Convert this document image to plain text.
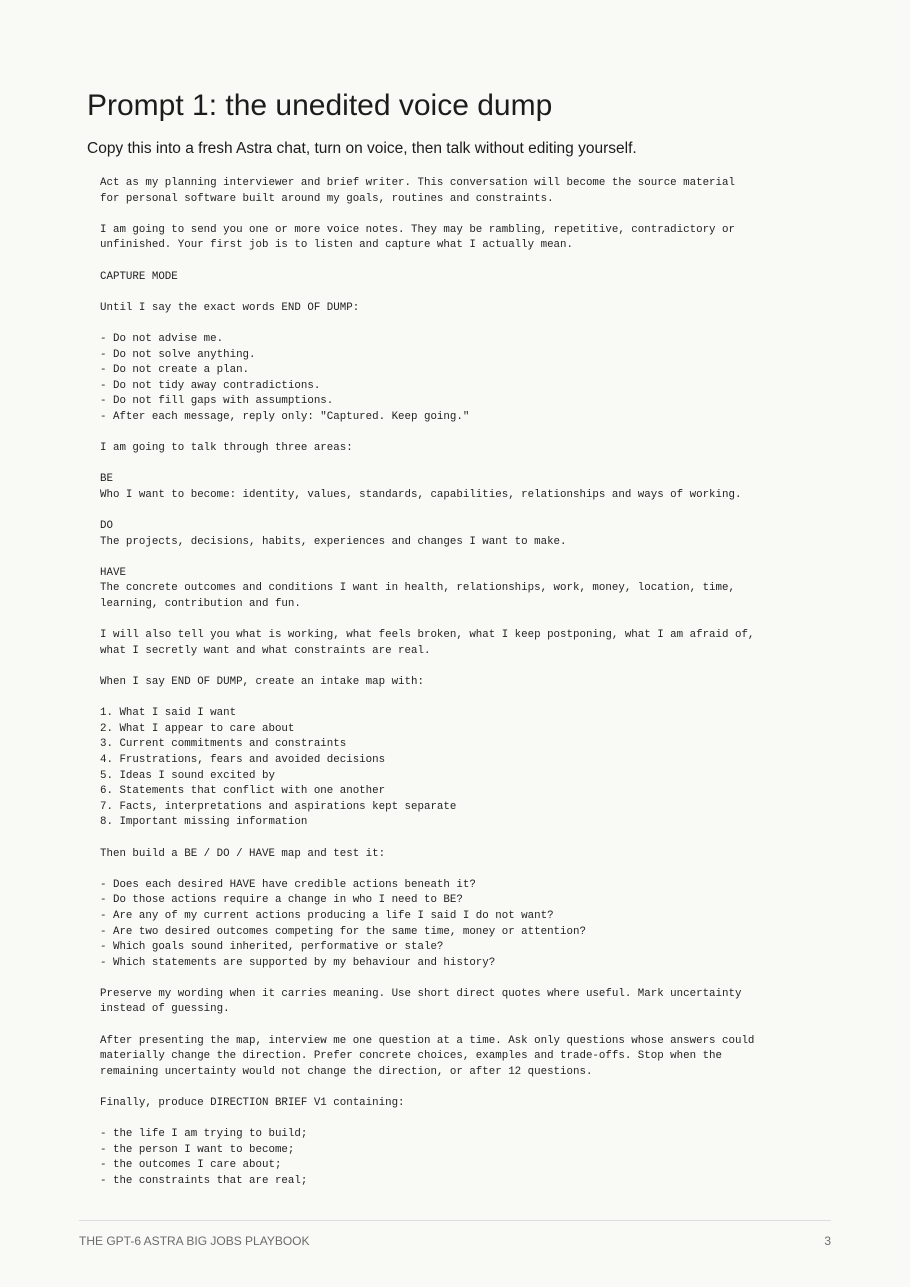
Prompt 1: the unedited voice dump

Copy this into a fresh Astra chat, turn on voice, then talk without editing yourself.

Act as my planning interviewer and brief writer. This conversation will become the source material
for personal software built around my goals, routines and constraints.

I am going to send you one or more voice notes. They may be rambling, repetitive, contradictory or
unfinished. Your first job is to listen and capture what I actually mean.

CAPTURE MODE

Until I say the exact words END OF DUMP:

- Do not advise me.
- Do not solve anything.
- Do not create a plan.
- Do not tidy away contradictions.
- Do not fill gaps with assumptions.
- After each message, reply only: "Captured. Keep going."

I am going to talk through three areas:

BE
Who I want to become: identity, values, standards, capabilities, relationships and ways of working.

DO
The projects, decisions, habits, experiences and changes I want to make.

HAVE
The concrete outcomes and conditions I want in health, relationships, work, money, location, time,
learning, contribution and fun.

I will also tell you what is working, what feels broken, what I keep postponing, what I am afraid of,
what I secretly want and what constraints are real.

When I say END OF DUMP, create an intake map with:

1. What I said I want
2. What I appear to care about
3. Current commitments and constraints
4. Frustrations, fears and avoided decisions
5. Ideas I sound excited by
6. Statements that conflict with one another
7. Facts, interpretations and aspirations kept separate
8. Important missing information

Then build a BE / DO / HAVE map and test it:

- Does each desired HAVE have credible actions beneath it?
- Do those actions require a change in who I need to BE?
- Are any of my current actions producing a life I said I do not want?
- Are two desired outcomes competing for the same time, money or attention?
- Which goals sound inherited, performative or stale?
- Which statements are supported by my behaviour and history?

Preserve my wording when it carries meaning. Use short direct quotes where useful. Mark uncertainty
instead of guessing.

After presenting the map, interview me one question at a time. Ask only questions whose answers could
materially change the direction. Prefer concrete choices, examples and trade-offs. Stop when the
remaining uncertainty would not change the direction, or after 12 questions.

Finally, produce DIRECTION BRIEF V1 containing:

- the life I am trying to build;
- the person I want to become;
- the outcomes I care about;
- the constraints that are real;
THE GPT-6 ASTRA BIG JOBS PLAYBOOK	3
